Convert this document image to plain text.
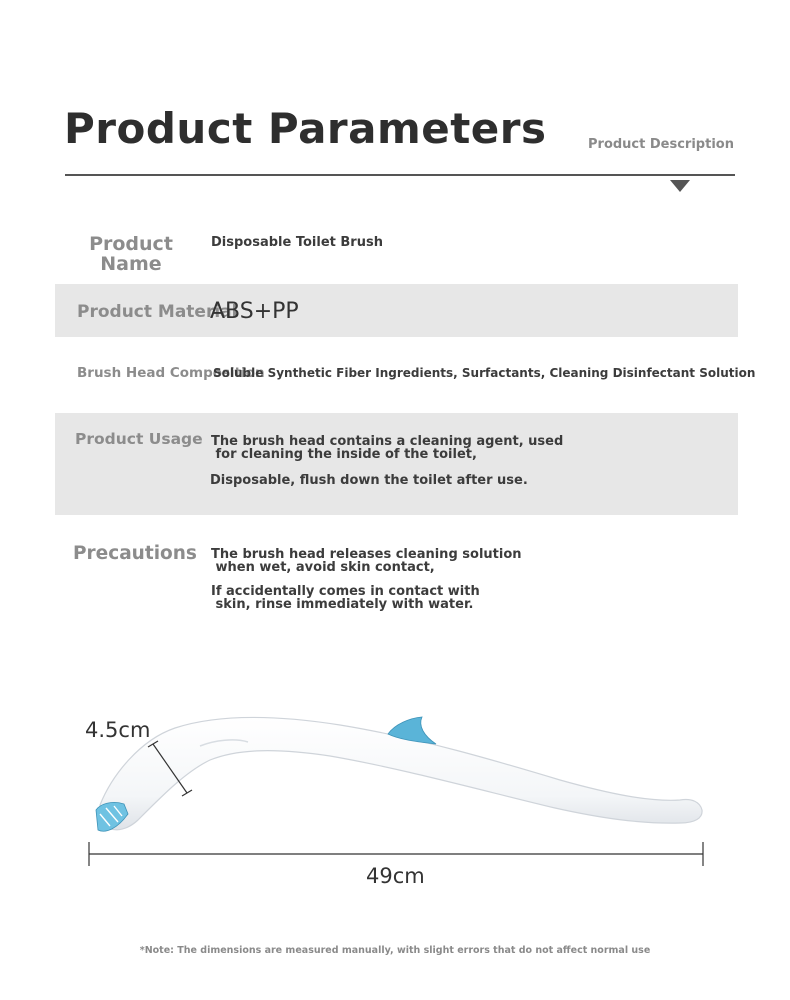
Product Parameters	Product Description
Product Name
Disposable Toilet Brush
Product Material
ABS+PP
Brush Head Composition
Soluble Synthetic Fiber Ingredients, Surfactants, Cleaning Disinfectant Solution
Product Usage The brush head contains a cleaning agent, used
for cleaning the inside of the toilet,
Disposable, flush down the toilet after use.
Precautions The brush head releases cleaning solution
when wet, avoid skin contact,
If accidentally comes in contact with
skin, rinse immediately with water.
4.5cm
49cm
*Note: The dimensions are measured manually, with slight errors that do not affect normal use
